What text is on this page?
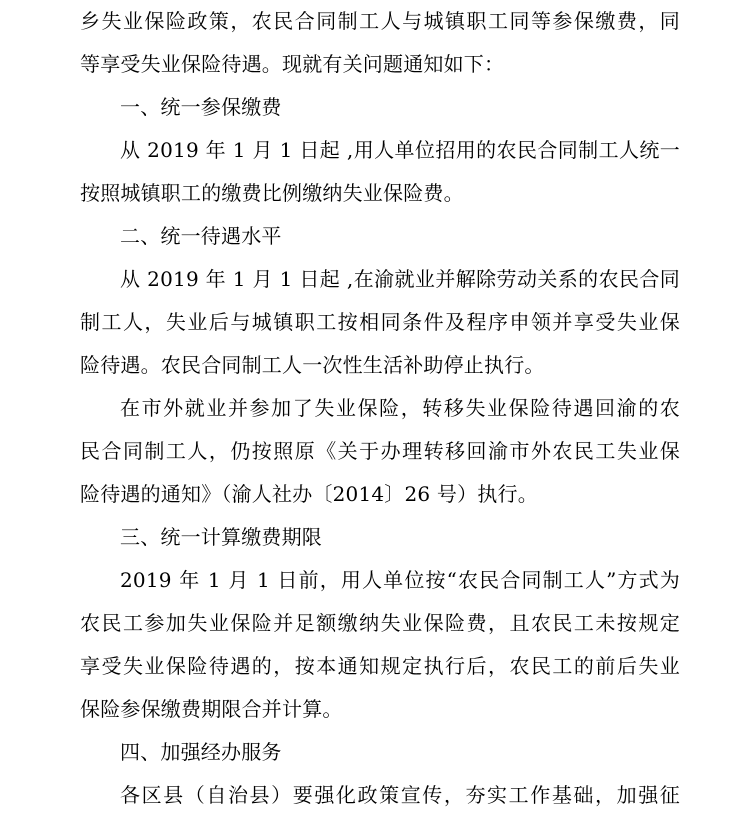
乡失业保险政策，农民合同制工人与城镇职工同等参保缴费，同
等享受失业保险待遇。现就有关问题通知如下：
一、统一参保缴费
从 2019 年 1 月 1 日起 ,用人单位招用的农民合同制工人统一
按照城镇职工的缴费比例缴纳失业保险费。
二、统一待遇水平
从 2019 年 1 月 1 日起 ,在渝就业并解除劳动关系的农民合同
制工人，失业后与城镇职工按相同条件及程序申领并享受失业保
险待遇。农民合同制工人一次性生活补助停止执行。
在市外就业并参加了失业保险，转移失业保险待遇回渝的农
民合同制工人，仍按照原《关于办理转移回渝市外农民工失业保
险待遇的通知》（渝人社办〔2014〕26 号）执行。
三、统一计算缴费期限
2019 年 1 月 1 日前，用人单位按“农民合同制工人”方式为
农民工参加失业保险并足额缴纳失业保险费，且农民工未按规定
享受失业保险待遇的，按本通知规定执行后，农民工的前后失业
保险参保缴费期限合并计算。
四、加强经办服务
各区县（自治县）要强化政策宣传，夯实工作基础，加强征
